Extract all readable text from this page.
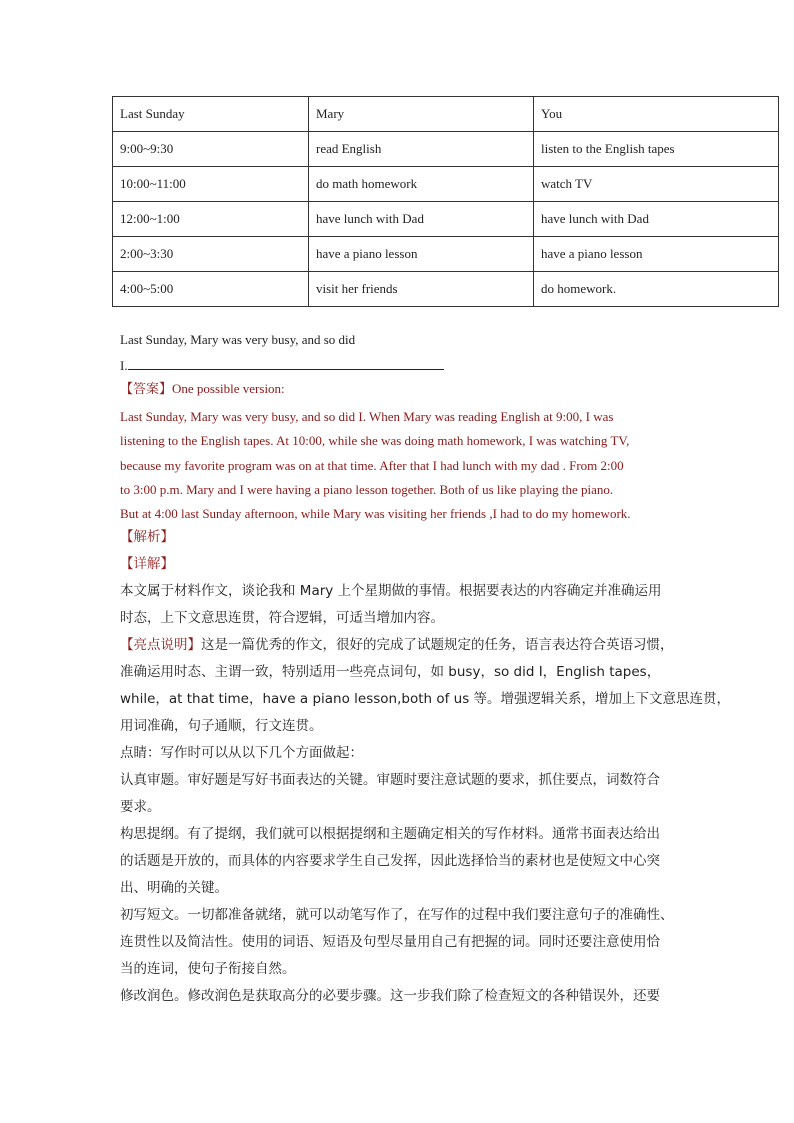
Last Sunday	Mary	You
9:00~9:30	read English	listen to the English tapes
10:00~11:00	do math homework	watch TV
12:00~1:00	have lunch with Dad	have lunch with Dad
2:00~3:30	have a piano lesson	have a piano lesson
4:00~5:00	visit her friends	do homework.
Last Sunday, Mary was very busy, and so did
I.
【答案】One possible version:
Last Sunday, Mary was very busy, and so did I. When Mary was reading English at 9:00, I was
listening to the English tapes. At 10:00, while she was doing math homework, I was watching TV,
because my favorite program was on at that time. After that I had lunch with my dad . From 2:00
to 3:00 p.m. Mary and I were having a piano lesson together. Both of us like playing the piano.
But at 4:00 last Sunday afternoon, while Mary was visiting her friends ,I had to do my homework.
【解析】
【详解】
本文属于材料作文，谈论我和 Mary 上个星期做的事情。根据要表达的内容确定并准确运用
时态，上下文意思连贯，符合逻辑，可适当增加内容。
【亮点说明】这是一篇优秀的作文，很好的完成了试题规定的任务，语言表达符合英语习惯，
准确运用时态、主谓一致，特别适用一些亮点词句，如 busy，so did I，English tapes，
while，at that time，have a piano lesson,both of us 等。增强逻辑关系，增加上下文意思连贯，
用词准确，句子通顺，行文连贯。
点睛：写作时可以从以下几个方面做起：
认真审题。审好题是写好书面表达的关键。审题时要注意试题的要求，抓住要点，词数符合
要求。
构思提纲。有了提纲，我们就可以根据提纲和主题确定相关的写作材料。通常书面表达给出
的话题是开放的，而具体的内容要求学生自己发挥，因此选择恰当的素材也是使短文中心突
出、明确的关键。
初写短文。一切都准备就绪，就可以动笔写作了，在写作的过程中我们要注意句子的准确性、
连贯性以及简洁性。使用的词语、短语及句型尽量用自己有把握的词。同时还要注意使用恰
当的连词，使句子衔接自然。
修改润色。修改润色是获取高分的必要步骤。这一步我们除了检查短文的各种错误外，还要
